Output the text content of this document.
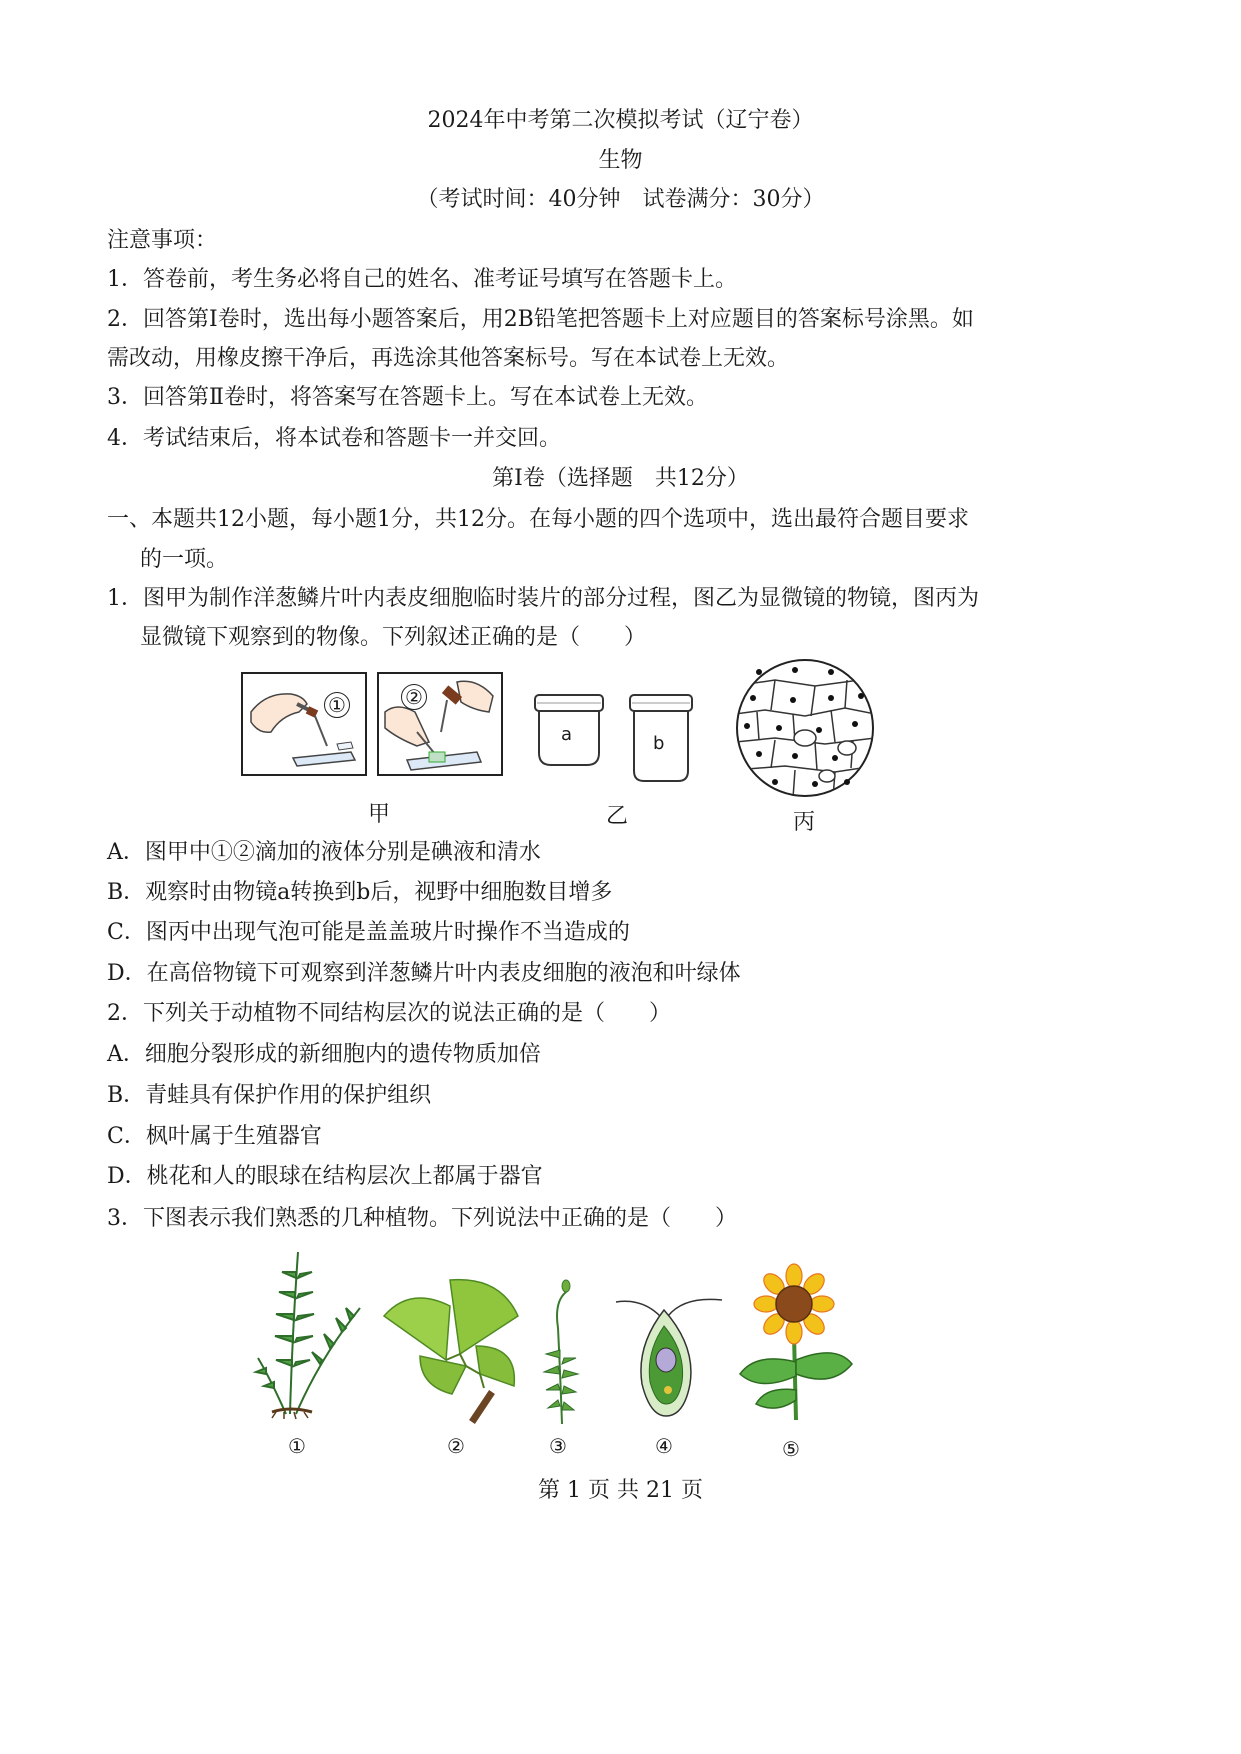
2024年中考第二次模拟考试（辽宁卷）
生物
（考试时间：40分钟　试卷满分：30分）
注意事项：
1．答卷前，考生务必将自己的姓名、准考证号填写在答题卡上。
2．回答第Ⅰ卷时，选出每小题答案后，用2B铅笔把答题卡上对应题目的答案标号涂黑。如
需改动，用橡皮擦干净后，再选涂其他答案标号。写在本试卷上无效。
3．回答第Ⅱ卷时，将答案写在答题卡上。写在本试卷上无效。
4．考试结束后，将本试卷和答题卡一并交回。
第Ⅰ卷（选择题　共12分）
一、本题共12小题，每小题1分，共12分。在每小题的四个选项中，选出最符合题目要求
的一项。
1．图甲为制作洋葱鳞片叶内表皮细胞临时装片的部分过程，图乙为显微镜的物镜，图丙为
显微镜下观察到的物像。下列叙述正确的是（　　）
①	②
a	b
甲	乙	丙
A．图甲中①②滴加的液体分别是碘液和清水
B．观察时由物镜a转换到b后，视野中细胞数目增多
C．图丙中出现气泡可能是盖盖玻片时操作不当造成的
D．在高倍物镜下可观察到洋葱鳞片叶内表皮细胞的液泡和叶绿体
2．下列关于动植物不同结构层次的说法正确的是（　　）
A．细胞分裂形成的新细胞内的遗传物质加倍
B．青蛙具有保护作用的保护组织
C．枫叶属于生殖器官
D．桃花和人的眼球在结构层次上都属于器官
3．下图表示我们熟悉的几种植物。下列说法中正确的是（　　）
①	②	③	④	⑤
第 1 页 共 21 页
